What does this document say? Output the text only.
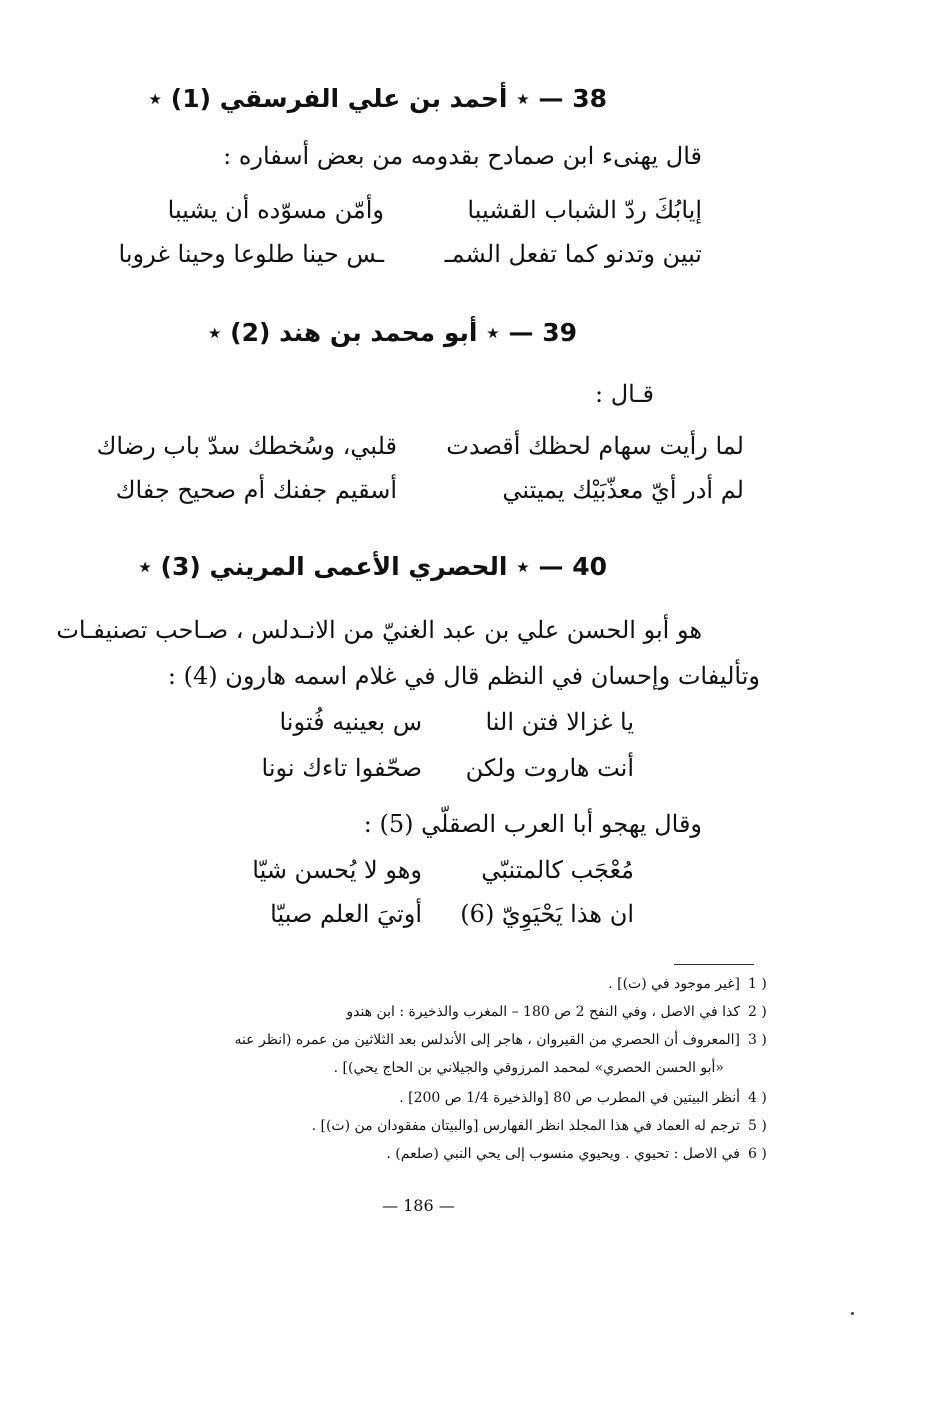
38 — ٭ أحمد بن علي الفرسقي (1) ٭
قال يهنىء ابن صمادح بقدومه من بعض أسفاره :
إيابُكَ ردّ الشباب القشيبا
وأمّن مسوّده أن يشيبا
تبين وتدنو كما تفعل الشمـ
ـس حينا طلوعا وحينا غروبا
39 — ٭ أبو محمد بن هند (2) ٭
قـال :
لما رأيت سهام لحظك أقصدت
قلبي، وسُخطك سدّ باب رضاك
لم أدر أيّ معذّبَيْك يميتني
أسقيم جفنك أم صحيح جفاك
40 — ٭ الحصري الأعمى المريني (3) ٭
هو أبو الحسن علي بن عبد الغنيّ من الانـدلس ، صـاحب تصنيفـات
وتأليفات وإحسان في النظم قال في غلام اسمه هارون (4) :
يا غزالا فتن النا
س بعينيه فُتونا
أنت هاروت ولكن
صحّفوا تاءك نونا
وقال يهجو أبا العرب الصقلّي (5) :
مُعْجَب كالمتنبّي
وهو لا يُحسن شيّا
ان هذا يَحْيَوِيّ (6)
أوتيَ العلم صبيّا
1 )
[غير موجود في (ت)] .
2 )
كذا في الاصل ، وفي النفح 2 ص 180 – المغرب والذخيرة : ابن هندو
3 )
[المعروف أن الحصري من القيروان ، هاجر إلى الأندلس بعد الثلاثين من عمره (انظر عنه
«أبو الحسن الحصري» لمحمد المرزوقي والجيلاني بن الحاج يحي)] .
4 )
أنظر البيتين في المطرب ص 80 [والذخيرة 1/4 ص 200] .
5 )
ترجم له العماد في هذا المجلد انظر الفهارس [والبيتان مفقودان من (ت)] .
6 )
في الاصل : تحيوي . ويحيوي منسوب إلى يحي النبي (صلعم) .
— 186 —
